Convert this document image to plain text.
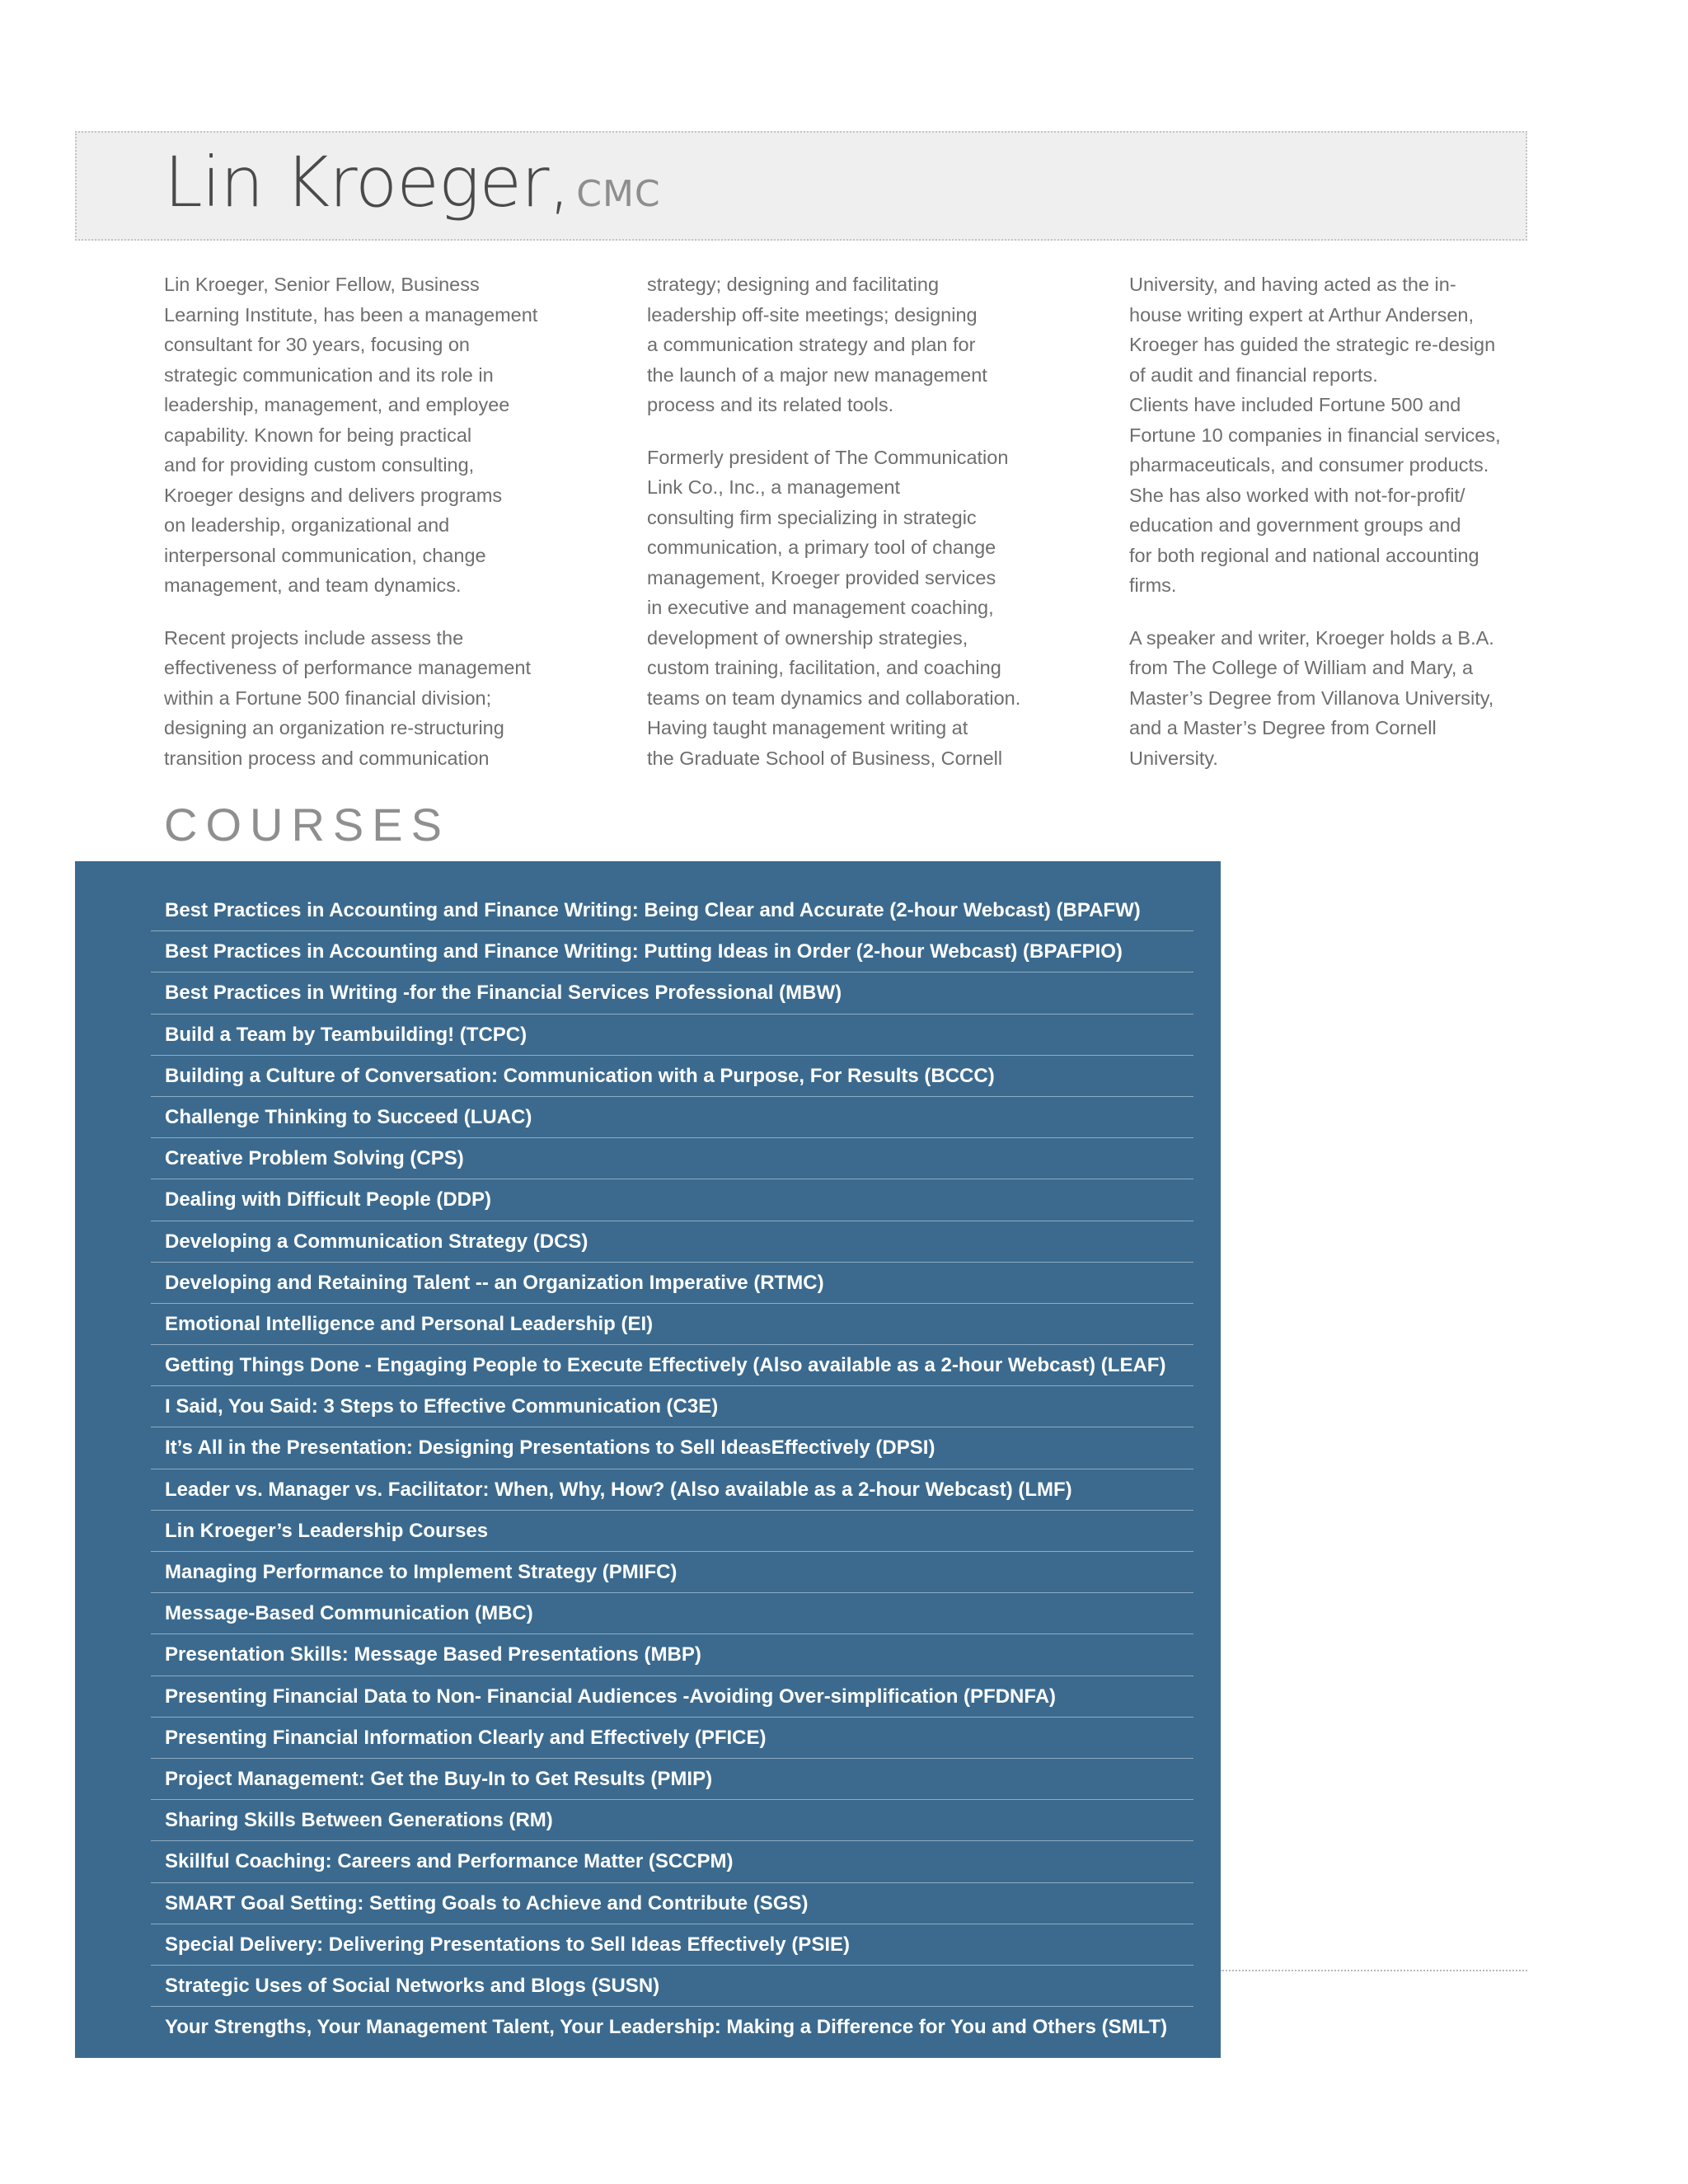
Lin Kroeger, CMC

Lin Kroeger, Senior Fellow, Business
Learning Institute, has been a management
consultant for 30 years, focusing on
strategic communication and its role in
leadership, management, and employee
capability. Known for being practical
and for providing custom consulting,
Kroeger designs and delivers programs
on leadership, organizational and
interpersonal communication, change
management, and team dynamics.

Recent projects include assess the
effectiveness of performance management
within a Fortune 500 financial division;
designing an organization re-structuring
transition process and communication

strategy; designing and facilitating
leadership off-site meetings; designing
a communication strategy and plan for
the launch of a major new management
process and its related tools.

Formerly president of The Communication
Link Co., Inc., a management
consulting firm specializing in strategic
communication, a primary tool of change
management, Kroeger provided services
in executive and management coaching,
development of ownership strategies,
custom training, facilitation, and coaching
teams on team dynamics and collaboration.
Having taught management writing at
the Graduate School of Business, Cornell

University, and having acted as the in-
house writing expert at Arthur Andersen,
Kroeger has guided the strategic re-design
of audit and financial reports.
Clients have included Fortune 500 and
Fortune 10 companies in financial services,
pharmaceuticals, and consumer products.
She has also worked with not-for-profit/
education and government groups and
for both regional and national accounting
firms.

A speaker and writer, Kroeger holds a B.A.
from The College of William and Mary, a
Master’s Degree from Villanova University,
and a Master’s Degree from Cornell
University.

COURSES
Best Practices in Accounting and Finance Writing: Being Clear and Accurate (2-hour Webcast) (BPAFW)
Best Practices in Accounting and Finance Writing: Putting Ideas in Order (2-hour Webcast) (BPAFPIO)
Best Practices in Writing -for the Financial Services Professional (MBW)
Build a Team by Teambuilding! (TCPC)
Building a Culture of Conversation: Communication with a Purpose, For Results (BCCC)
Challenge Thinking to Succeed (LUAC)
Creative Problem Solving (CPS)
Dealing with Difficult People (DDP)
Developing a Communication Strategy (DCS)
Developing and Retaining Talent -- an Organization Imperative (RTMC)
Emotional Intelligence and Personal Leadership (EI)
Getting Things Done - Engaging People to Execute Effectively (Also available as a 2-hour Webcast) (LEAF)
I Said, You Said: 3 Steps to Effective Communication (C3E)
It’s All in the Presentation: Designing Presentations to Sell IdeasEffectively (DPSI)
Leader vs. Manager vs. Facilitator: When, Why, How? (Also available as a 2-hour Webcast) (LMF)
Lin Kroeger’s Leadership Courses
Managing Performance to Implement Strategy (PMIFC)
Message-Based Communication (MBC)
Presentation Skills: Message Based Presentations (MBP)
Presenting Financial Data to Non- Financial Audiences -Avoiding Over-simplification (PFDNFA)
Presenting Financial Information Clearly and Effectively (PFICE)
Project Management: Get the Buy-In to Get Results (PMIP)
Sharing Skills Between Generations (RM)
Skillful Coaching: Careers and Performance Matter (SCCPM)
SMART Goal Setting: Setting Goals to Achieve and Contribute (SGS)
Special Delivery: Delivering Presentations to Sell Ideas Effectively (PSIE)
Strategic Uses of Social Networks and Blogs (SUSN)
Your Strengths, Your Management Talent, Your Leadership: Making a Difference for You and Others (SMLT)
